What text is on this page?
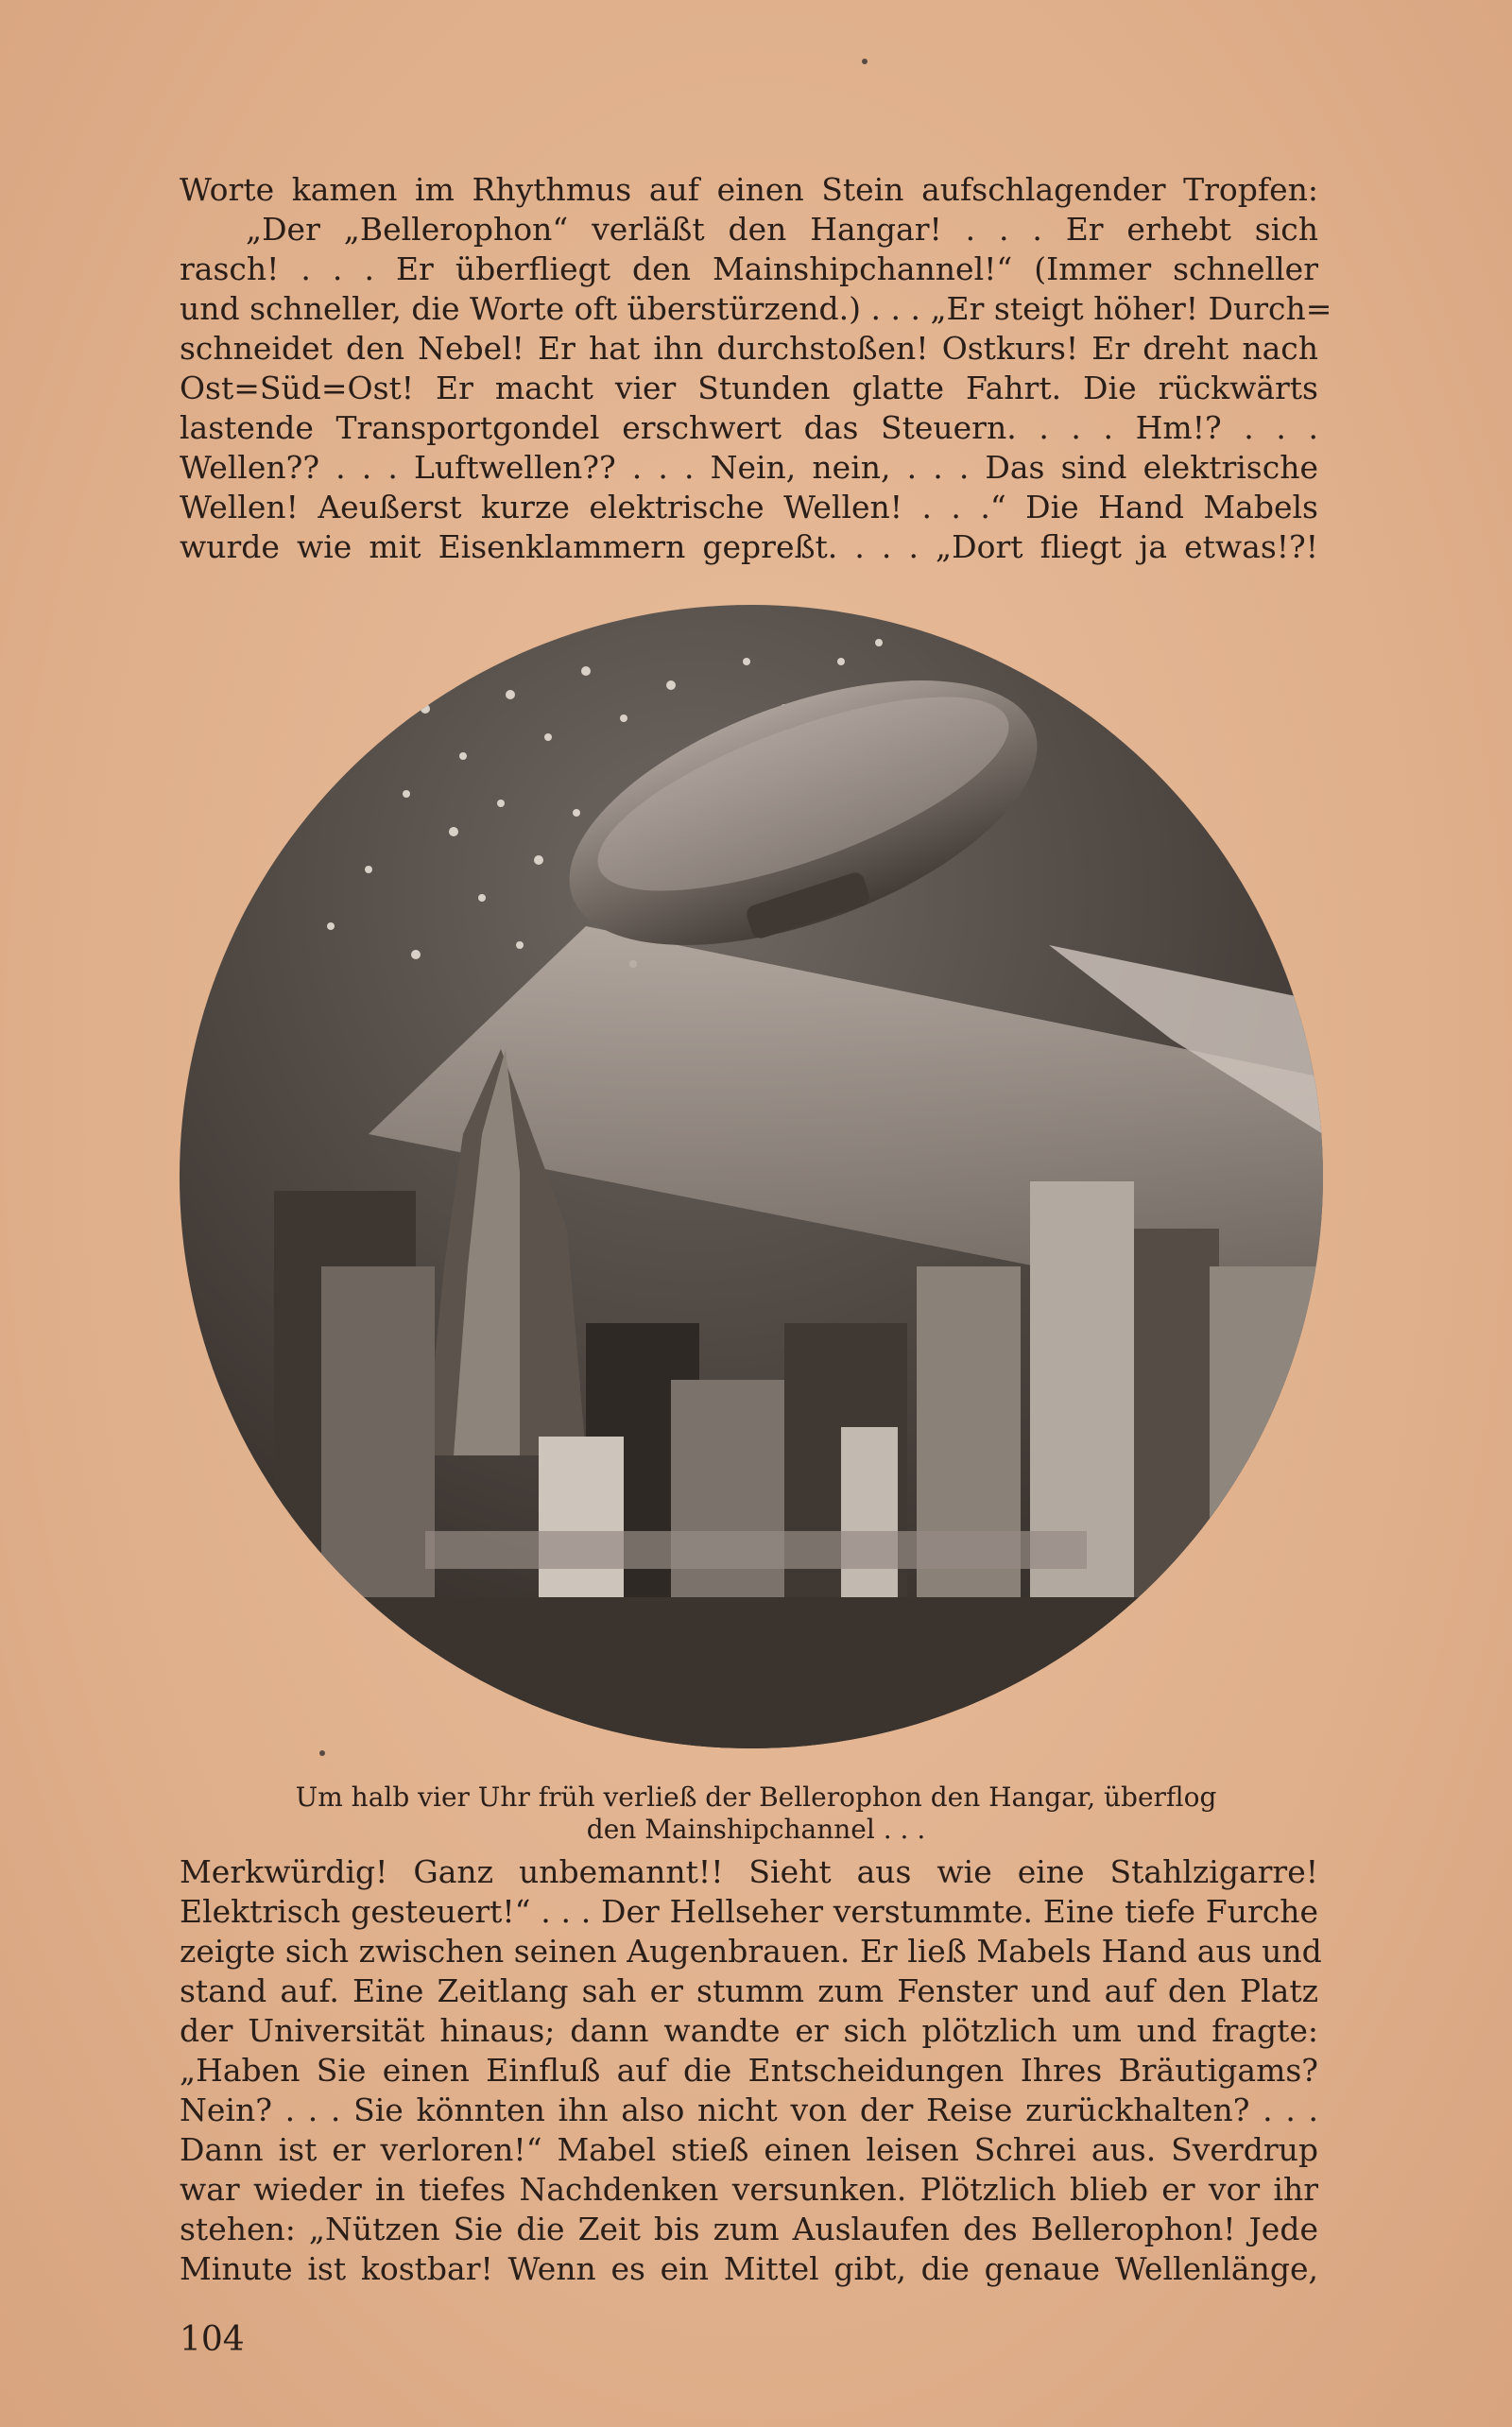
Worte kamen im Rhythmus auf einen Stein aufschlagender Tropfen:
„Der „Bellerophon“ verläßt den Hangar! . . . Er erhebt sich
rasch! . . . Er überfliegt den Mainshipchannel!“ (Immer schneller
und schneller, die Worte oft überstürzend.) . . . „Er steigt höher! Durch=
schneidet den Nebel! Er hat ihn durchstoßen! Ostkurs! Er dreht nach
Ost=Süd=Ost! Er macht vier Stunden glatte Fahrt. Die rückwärts
lastende Transportgondel erschwert das Steuern. . . . Hm!? . . .
Wellen?? . . . Luftwellen?? . . . Nein, nein, . . . Das sind elektrische
Wellen! Aeußerst kurze elektrische Wellen! . . .“ Die Hand Mabels
wurde wie mit Eisenklammern gepreßt. . . . „Dort fliegt ja etwas!?!
Um halb vier Uhr früh verließ der Bellerophon den Hangar, überflog
den Mainshipchannel . . .
Merkwürdig! Ganz unbemannt!! Sieht aus wie eine Stahlzigarre!
Elektrisch gesteuert!“ . . . Der Hellseher verstummte. Eine tiefe Furche
zeigte sich zwischen seinen Augenbrauen. Er ließ Mabels Hand aus und
stand auf. Eine Zeitlang sah er stumm zum Fenster und auf den Platz
der Universität hinaus; dann wandte er sich plötzlich um und fragte:
„Haben Sie einen Einfluß auf die Entscheidungen Ihres Bräutigams?
Nein? . . . Sie könnten ihn also nicht von der Reise zurückhalten? . . .
Dann ist er verloren!“ Mabel stieß einen leisen Schrei aus. Sverdrup
war wieder in tiefes Nachdenken versunken. Plötzlich blieb er vor ihr
stehen: „Nützen Sie die Zeit bis zum Auslaufen des Bellerophon! Jede
Minute ist kostbar! Wenn es ein Mittel gibt, die genaue Wellenlänge,
104
